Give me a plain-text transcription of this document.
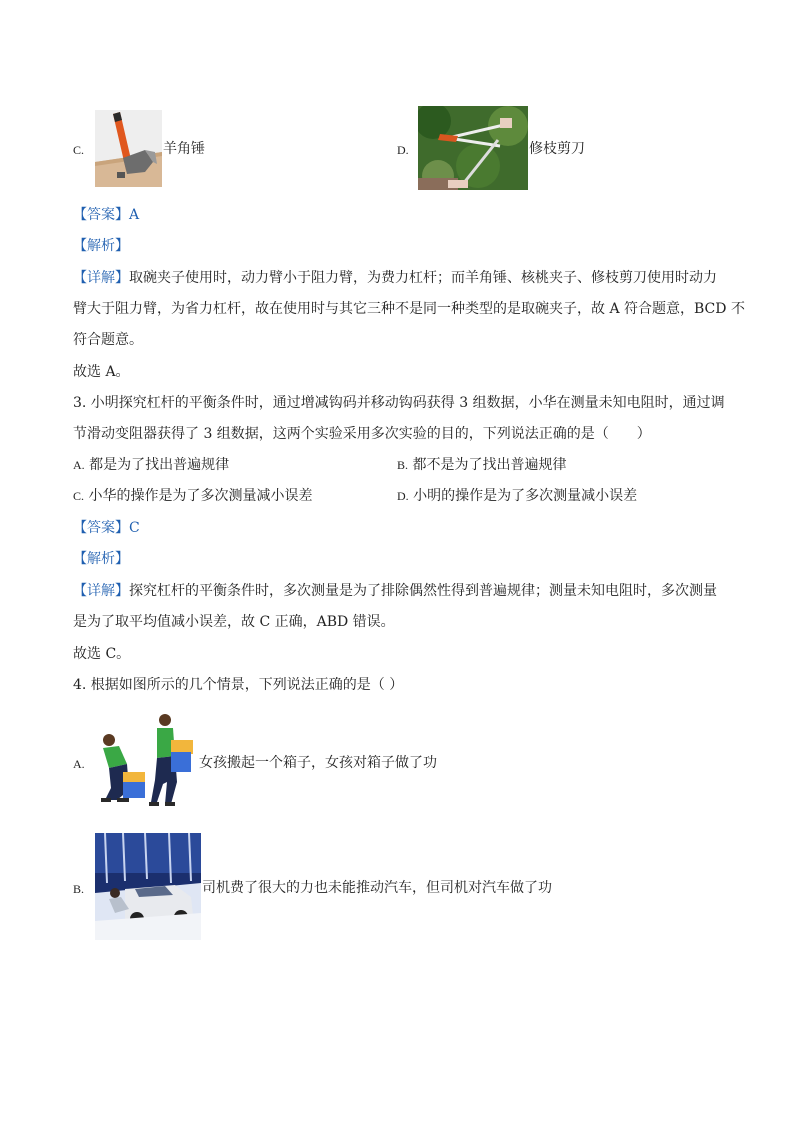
C.	羊角锤	D.	修枝剪刀
【答案】A
【解析】
【详解】取碗夹子使用时，动力臂小于阻力臂，为费力杠杆；而羊角锤、核桃夹子、修枝剪刀使用时动力
臂大于阻力臂，为省力杠杆，故在使用时与其它三种不是同一种类型的是取碗夹子，故 A 符合题意，BCD 不
符合题意。
故选 A。
3. 小明探究杠杆的平衡条件时，通过增减钩码并移动钩码获得 3 组数据，小华在测量未知电阻时，通过调
节滑动变阻器获得了 3 组数据，这两个实验采用多次实验的目的，下列说法正确的是（　　）
A. 都是为了找出普遍规律	B. 都不是为了找出普遍规律
C. 小华的操作是为了多次测量减小误差	D. 小明的操作是为了多次测量减小误差
【答案】C
【解析】
【详解】探究杠杆的平衡条件时，多次测量是为了排除偶然性得到普遍规律；测量未知电阻时，多次测量
是为了取平均值减小误差，故 C 正确，ABD 错误。
故选 C。
4. 根据如图所示的几个情景，下列说法正确的是（ ）
A.	女孩搬起一个箱子，女孩对箱子做了功
B.	司机费了很大的力也未能推动汽车，但司机对汽车做了功
